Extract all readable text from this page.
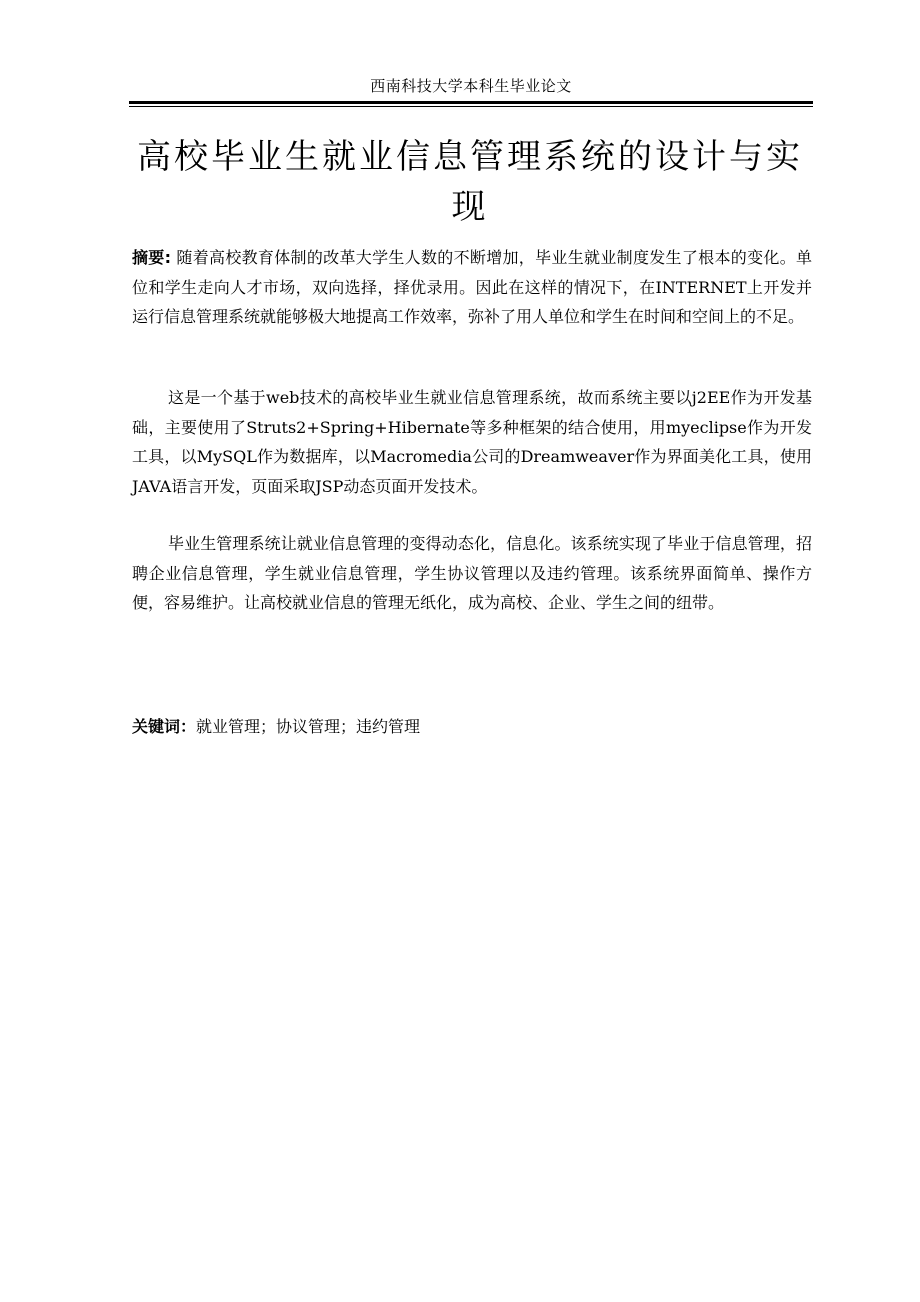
西南科技大学本科生毕业论文
高校毕业生就业信息管理系统的设计与实现

摘要: 随着高校教育体制的改革大学生人数的不断增加，毕业生就业制度发生了根本的变化。单位和学生走向人才市场，双向选择，择优录用。因此在这样的情况下，在INTERNET上开发并运行信息管理系统就能够极大地提高工作效率，弥补了用人单位和学生在时间和空间上的不足。

这是一个基于web技术的高校毕业生就业信息管理系统，故而系统主要以j2EE作为开发基础，主要使用了Struts2+Spring+Hibernate等多种框架的结合使用，用myeclipse作为开发工具，以MySQL作为数据库，以Macromedia公司的Dreamweaver作为界面美化工具，使用JAVA语言开发，页面采取JSP动态页面开发技术。

毕业生管理系统让就业信息管理的变得动态化，信息化。该系统实现了毕业于信息管理，招聘企业信息管理，学生就业信息管理，学生协议管理以及违约管理。该系统界面简单、操作方便，容易维护。让高校就业信息的管理无纸化，成为高校、企业、学生之间的纽带。

关键词：就业管理；协议管理；违约管理
